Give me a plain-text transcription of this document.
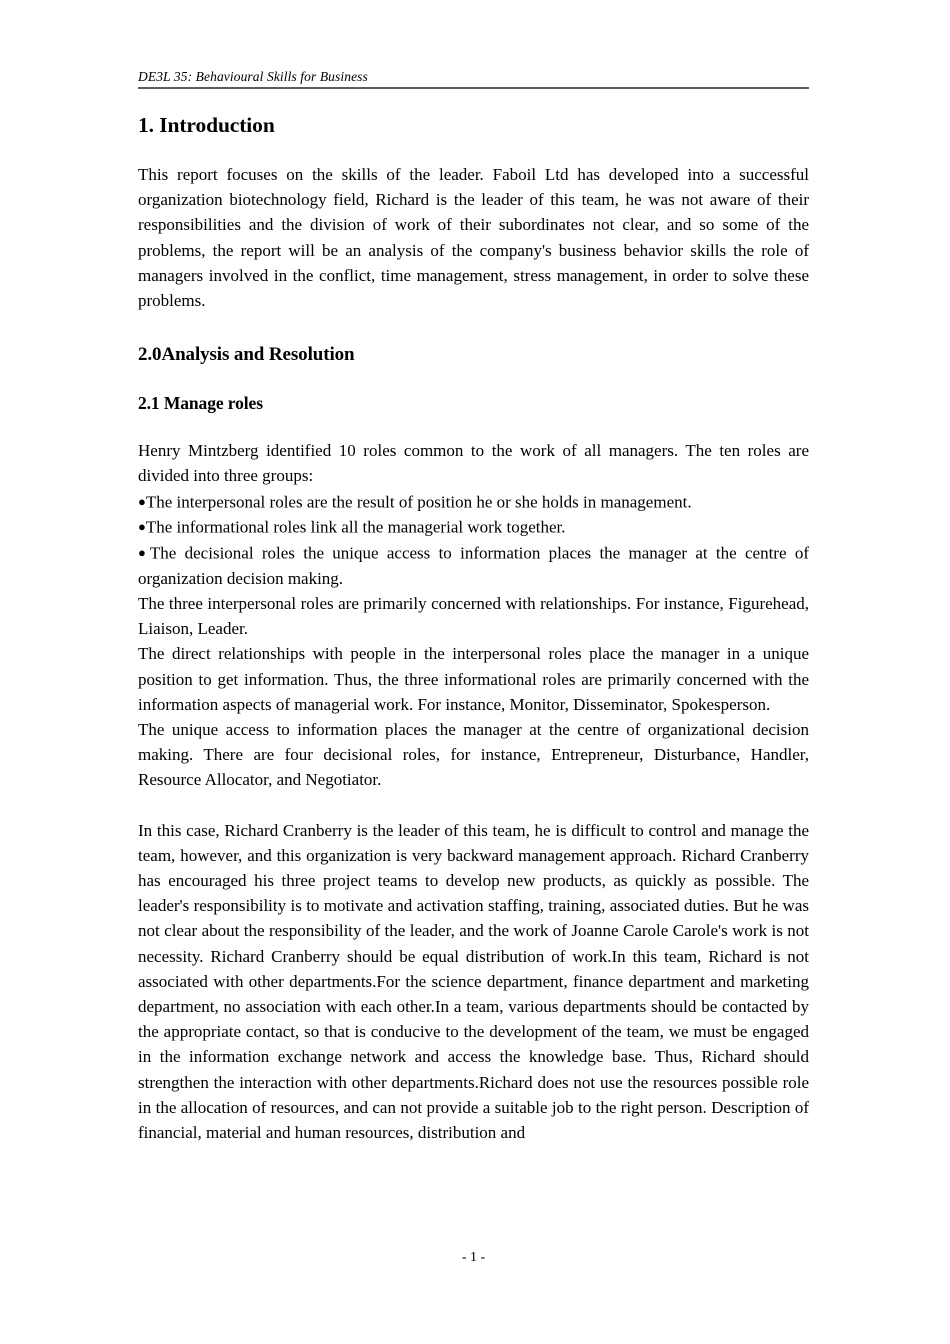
DE3L 35: Behavioural Skills for Business
1. Introduction

This report focuses on the skills of the leader. Faboil Ltd has developed into a successful organization biotechnology field, Richard is the leader of this team, he was not aware of their responsibilities and the division of work of their subordinates not clear, and so some of the problems, the report will be an analysis of the company's business behavior skills the role of managers involved in the conflict, time management, stress management, in order to solve these problems.

2.0Analysis and Resolution
2.1 Manage roles
Henry Mintzberg identified 10 roles common to the work of all managers. The ten roles are divided into three groups:
●The interpersonal roles are the result of position he or she holds in management.
●The informational roles link all the managerial work together.
●The decisional roles the unique access to information places the manager at the centre of organization decision making.
The three interpersonal roles are primarily concerned with relationships. For instance, Figurehead, Liaison, Leader.
The direct relationships with people in the interpersonal roles place the manager in a unique position to get information. Thus, the three informational roles are primarily concerned with the information aspects of managerial work. For instance, Monitor, Disseminator, Spokesperson.
The unique access to information places the manager at the centre of organizational decision making. There are four decisional roles, for instance, Entrepreneur, Disturbance, Handler, Resource Allocator, and Negotiator.

In this case, Richard Cranberry is the leader of this team, he is difficult to control and manage the team, however, and this organization is very backward management approach. Richard Cranberry has encouraged his three project teams to develop new products, as quickly as possible. The leader's responsibility is to motivate and activation staffing, training, associated duties. But he was not clear about the responsibility of the leader, and the work of Joanne Carole Carole's work is not necessity. Richard Cranberry should be equal distribution of work.In this team, Richard is not associated with other departments.For the science department, finance department and marketing department, no association with each other.In a team, various departments should be contacted by the appropriate contact, so that is conducive to the development of the team, we must be engaged in the information exchange network and access the knowledge base. Thus, Richard should strengthen the interaction with other departments.Richard does not use the resources possible role in the allocation of resources, and can not provide a suitable job to the right person. Description of financial, material and human resources, distribution and

- 1 -
